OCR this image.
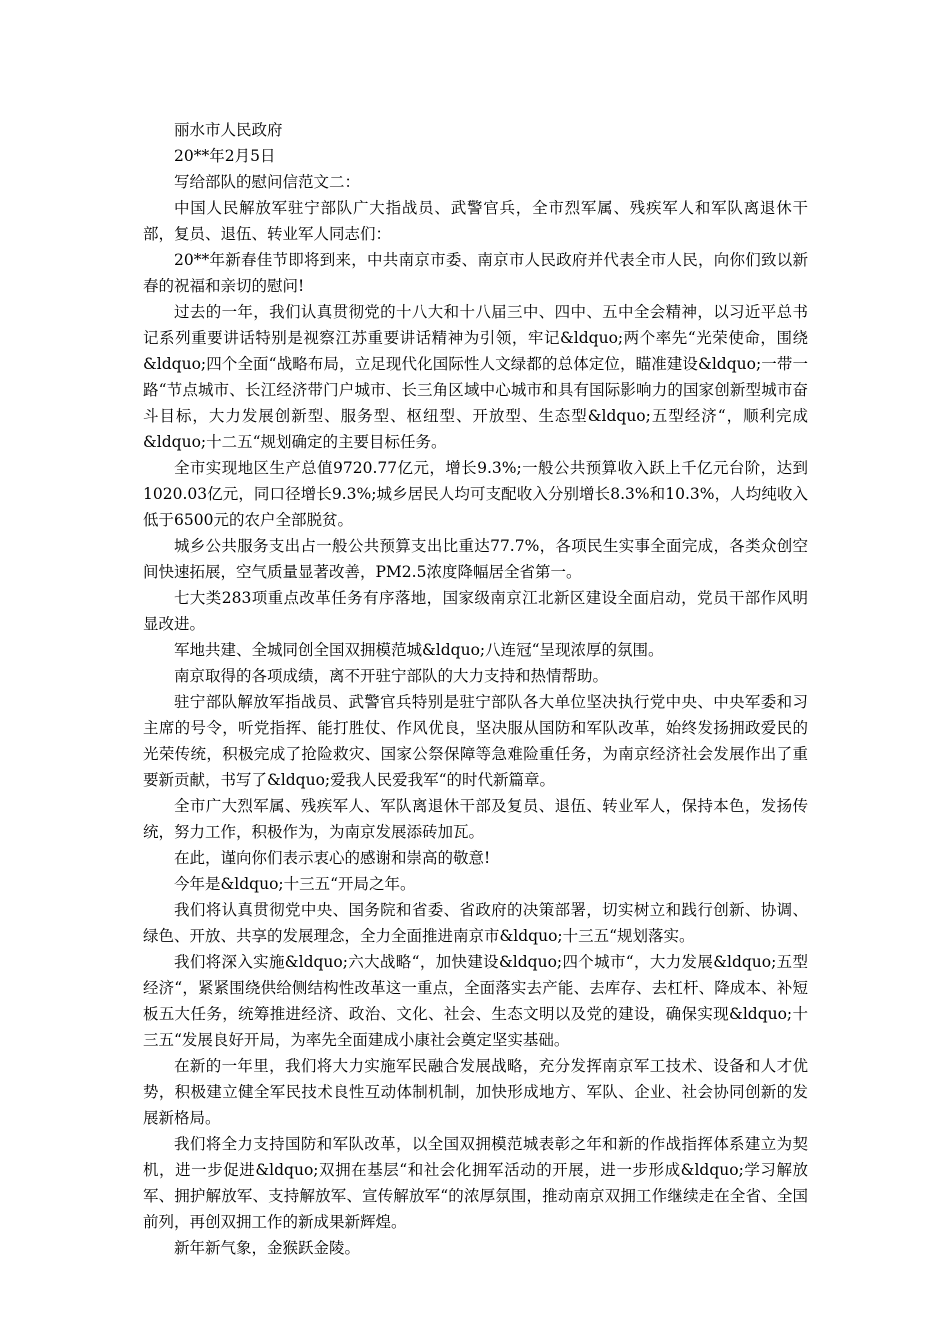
丽水市人民政府

20**年2月5日

写给部队的慰问信范文二：

中国人民解放军驻宁部队广大指战员、武警官兵，全市烈军属、残疾军人和军队离退休干部，复员、退伍、转业军人同志们：

20**年新春佳节即将到来，中共南京市委、南京市人民政府并代表全市人民，向你们致以新春的祝福和亲切的慰问!

过去的一年，我们认真贯彻党的十八大和十八届三中、四中、五中全会精神，以习近平总书记系列重要讲话特别是视察江苏重要讲话精神为引领，牢记&ldquo;两个率先“光荣使命，围绕&ldquo;四个全面“战略布局，立足现代化国际性人文绿都的总体定位，瞄准建设&ldquo;一带一路“节点城市、长江经济带门户城市、长三角区域中心城市和具有国际影响力的国家创新型城市奋斗目标，大力发展创新型、服务型、枢纽型、开放型、生态型&ldquo;五型经济“，顺利完成&ldquo;十二五“规划确定的主要目标任务。

全市实现地区生产总值9720.77亿元，增长9.3%;一般公共预算收入跃上千亿元台阶，达到1020.03亿元，同口径增长9.3%;城乡居民人均可支配收入分别增长8.3%和10.3%，人均纯收入低于6500元的农户全部脱贫。

城乡公共服务支出占一般公共预算支出比重达77.7%，各项民生实事全面完成，各类众创空间快速拓展，空气质量显著改善，PM2.5浓度降幅居全省第一。

七大类283项重点改革任务有序落地，国家级南京江北新区建设全面启动，党员干部作风明显改进。

军地共建、全城同创全国双拥模范城&ldquo;八连冠“呈现浓厚的氛围。

南京取得的各项成绩，离不开驻宁部队的大力支持和热情帮助。

驻宁部队解放军指战员、武警官兵特别是驻宁部队各大单位坚决执行党中央、中央军委和习主席的号令，听党指挥、能打胜仗、作风优良，坚决服从国防和军队改革，始终发扬拥政爱民的光荣传统，积极完成了抢险救灾、国家公祭保障等急难险重任务，为南京经济社会发展作出了重要新贡献，书写了&ldquo;爱我人民爱我军“的时代新篇章。

全市广大烈军属、残疾军人、军队离退休干部及复员、退伍、转业军人，保持本色，发扬传统，努力工作，积极作为，为南京发展添砖加瓦。

在此，谨向你们表示衷心的感谢和崇高的敬意!

今年是&ldquo;十三五“开局之年。

我们将认真贯彻党中央、国务院和省委、省政府的决策部署，切实树立和践行创新、协调、绿色、开放、共享的发展理念，全力全面推进南京市&ldquo;十三五“规划落实。

我们将深入实施&ldquo;六大战略“，加快建设&ldquo;四个城市“，大力发展&ldquo;五型经济“，紧紧围绕供给侧结构性改革这一重点，全面落实去产能、去库存、去杠杆、降成本、补短板五大任务，统筹推进经济、政治、文化、社会、生态文明以及党的建设，确保实现&ldquo;十三五“发展良好开局，为率先全面建成小康社会奠定坚实基础。

在新的一年里，我们将大力实施军民融合发展战略，充分发挥南京军工技术、设备和人才优势，积极建立健全军民技术良性互动体制机制，加快形成地方、军队、企业、社会协同创新的发展新格局。

我们将全力支持国防和军队改革，以全国双拥模范城表彰之年和新的作战指挥体系建立为契机，进一步促进&ldquo;双拥在基层“和社会化拥军活动的开展，进一步形成&ldquo;学习解放军、拥护解放军、支持解放军、宣传解放军“的浓厚氛围，推动南京双拥工作继续走在全省、全国前列，再创双拥工作的新成果新辉煌。

新年新气象，金猴跃金陵。
